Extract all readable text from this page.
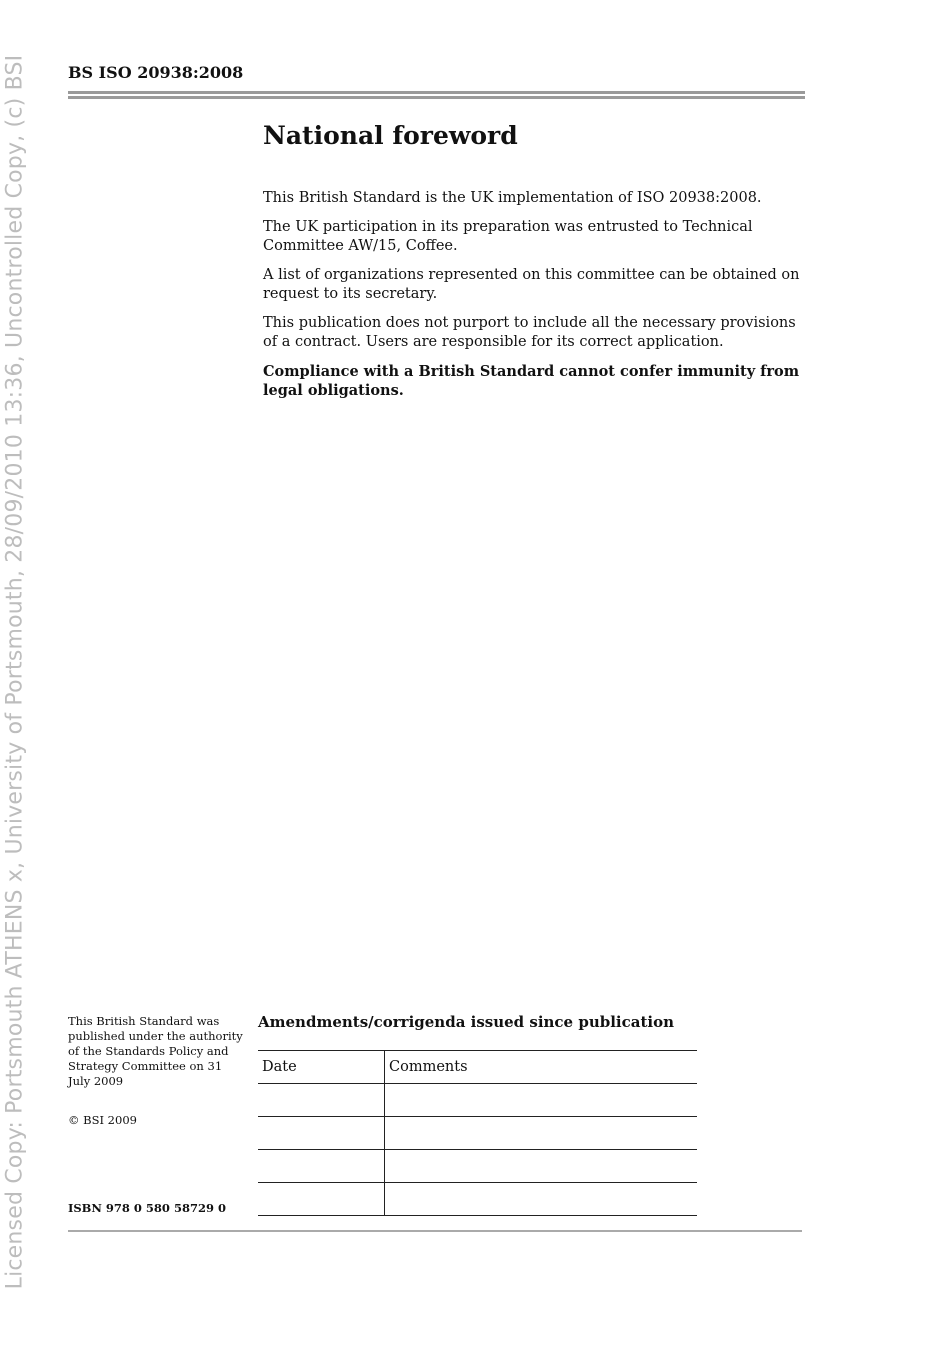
Licensed Copy: Portsmouth ATHENS x, University of Portsmouth, 28/09/2010 13:36, Uncontrolled Copy, (c) BSI	BS ISO 20938:2008
National foreword

This British Standard is the UK implementation of ISO 20938:2008.

The UK participation in its preparation was entrusted to Technical Committee AW/15, Coffee.

A list of organizations represented on this committee can be obtained on request to its secretary.

This publication does not purport to include all the necessary provisions of a contract. Users are responsible for its correct application.

Compliance with a British Standard cannot confer immunity from legal obligations.

This British Standard was published under the authority of the Standards Policy and Strategy Committee on 31 July 2009

© BSI 2009
ISBN 978 0 580 58729 0
Amendments/corrigenda issued since publication
Date	Comments
